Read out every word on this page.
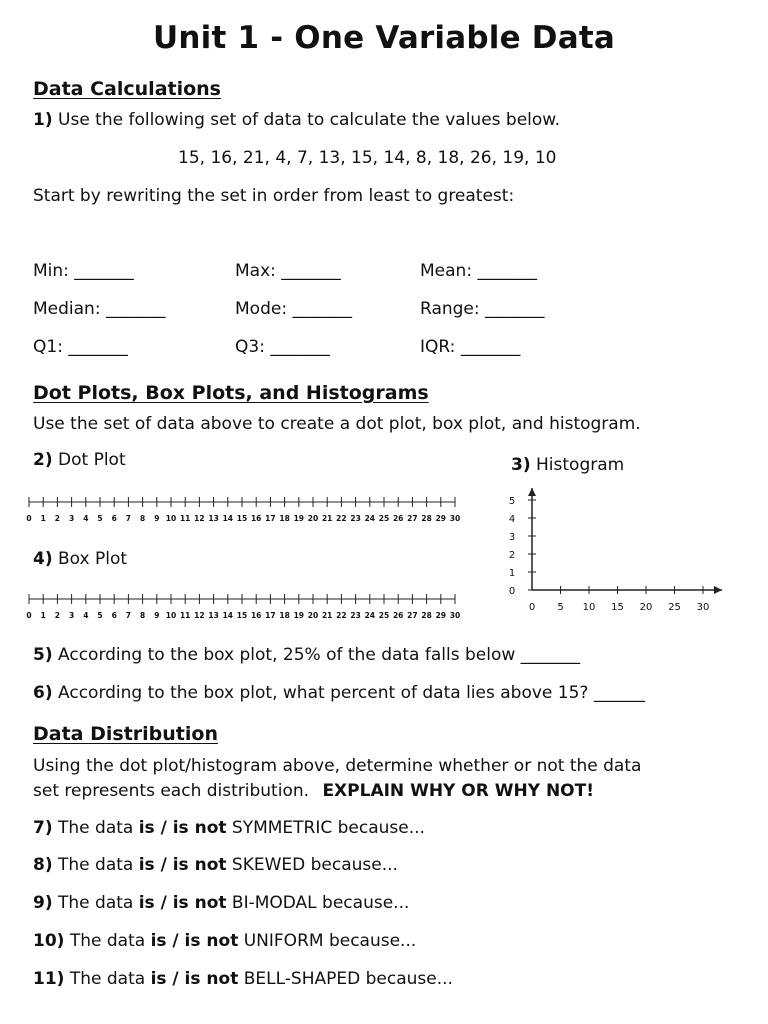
Unit 1 - One Variable Data
Data Calculations
1) Use the following set of data to calculate the values below.
15, 16, 21, 4, 7, 13, 15, 14, 8, 18, 26, 19, 10
Start by rewriting the set in order from least to greatest:
Min: _______	Max: _______	Mean: _______
Median: _______	Mode: _______	Range: _______
Q1: _______	Q3: _______	IQR: _______
Dot Plots, Box Plots, and Histograms
Use the set of data above to create a dot plot, box plot, and histogram.
2) Dot Plot	3) Histogram
0 1 2 3 4 5 6 7 8 9 10 11 12 13 14 15 16 17 18 19 20 21 22 23 24 25 26 27 28 29 30
4) Box Plot
0 1 2 3 4 5 6 7 8 9 10 11 12 13 14 15 16 17 18 19 20 21 22 23 24 25 26 27 28 29 30
0 5 10 15 20 25 30
0
1
2
3
4
5
5) According to the box plot, 25% of the data falls below _______
6) According to the box plot, what percent of data lies above 15? ______
Data Distribution
Using the dot plot/histogram above, determine whether or not the data
set represents each distribution. EXPLAIN WHY OR WHY NOT!
7) The data is / is not SYMMETRIC because...
8) The data is / is not SKEWED because...
9) The data is / is not BI-MODAL because...
10) The data is / is not UNIFORM because...
11) The data is / is not BELL-SHAPED because...
